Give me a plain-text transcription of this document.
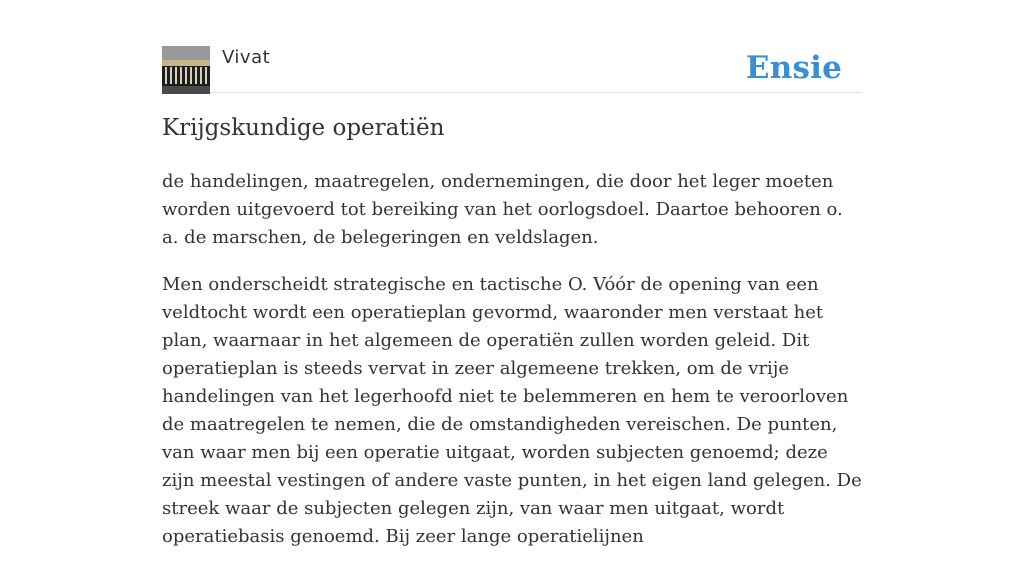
Vivat	Ensie
Krijgskundige operatiën

de handelingen, maatregelen, ondernemingen, die door het leger moeten worden uitgevoerd tot bereiking van het oorlogsdoel. Daartoe behooren o. a. de marschen, de belegeringen en veldslagen.

Men onderscheidt strategische en tactische O. Vóór de opening van een veldtocht wordt een operatieplan gevormd, waaronder men verstaat het plan, waarnaar in het algemeen de operatiën zullen worden geleid. Dit operatieplan is steeds vervat in zeer algemeene trekken, om de vrije handelingen van het legerhoofd niet te belemmeren en hem te veroorloven de maatregelen te nemen, die de omstandigheden vereischen. De punten, van waar men bij een operatie uitgaat, worden subjecten genoemd; deze zijn meestal vestingen of andere vaste punten, in het eigen land gelegen. De streek waar de subjecten gelegen zijn, van waar men uitgaat, wordt operatiebasis genoemd. Bij zeer lange operatielijnen
